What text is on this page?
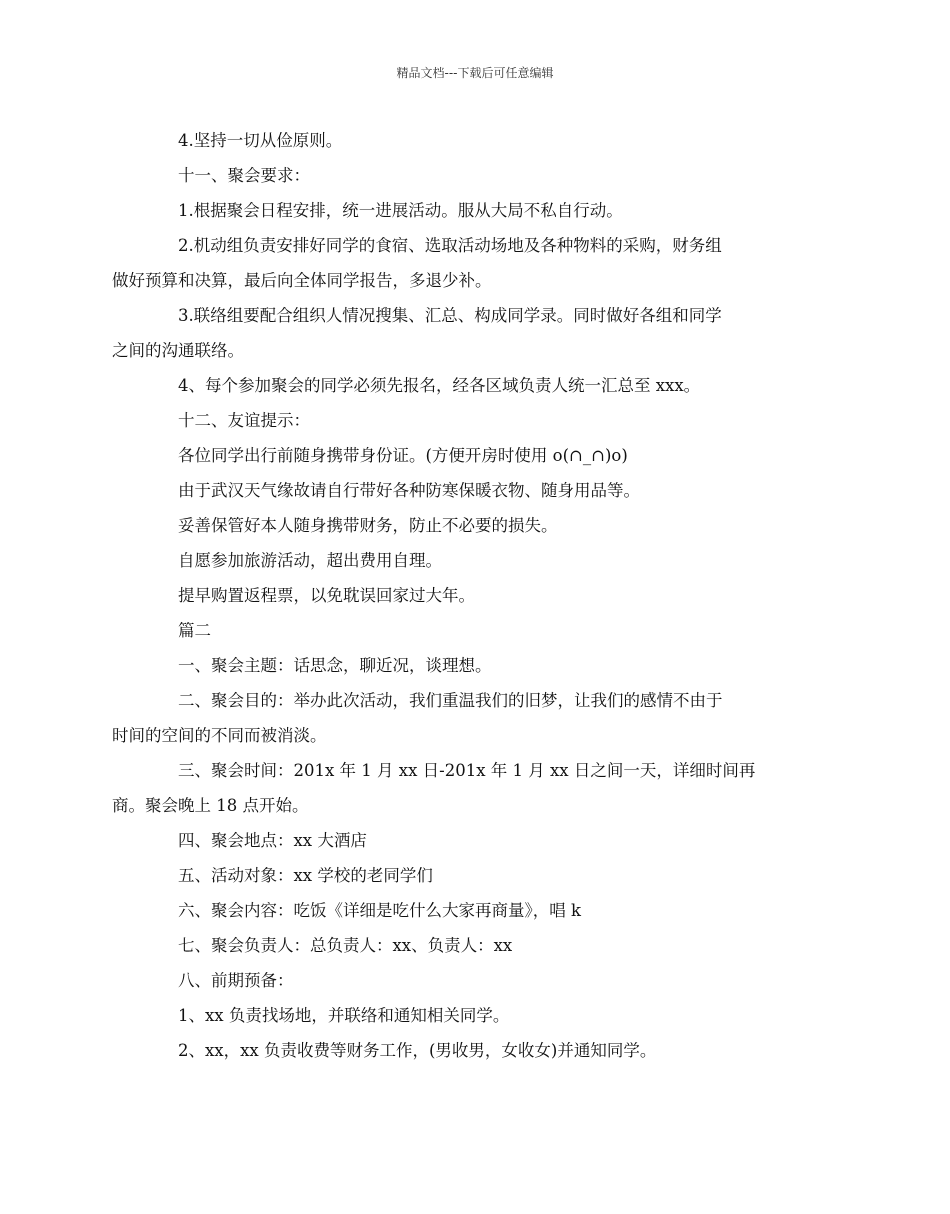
精品文档---下载后可任意编辑

4.坚持一切从俭原则。

十一、聚会要求：

1.根据聚会日程安排，统一进展活动。服从大局不私自行动。

2.机动组负责安排好同学的食宿、选取活动场地及各种物料的采购，财务组
做好预算和决算，最后向全体同学报告，多退少补。

3.联络组要配合组织人情况搜集、汇总、构成同学录。同时做好各组和同学
之间的沟通联络。

4、每个参加聚会的同学必须先报名，经各区域负责人统一汇总至 xxx。

十二、友谊提示：

各位同学出行前随身携带身份证。(方便开房时使用 o(∩_∩)o)

由于武汉天气缘故请自行带好各种防寒保暖衣物、随身用品等。

妥善保管好本人随身携带财务，防止不必要的损失。

自愿参加旅游活动，超出费用自理。

提早购置返程票，以免耽误回家过大年。

篇二

一、聚会主题：话思念，聊近况，谈理想。

二、聚会目的：举办此次活动，我们重温我们的旧梦，让我们的感情不由于
时间的空间的不同而被消淡。

三、聚会时间：201x 年 1 月 xx 日-201x 年 1 月 xx 日之间一天，详细时间再
商。聚会晚上 18 点开始。

四、聚会地点：xx 大酒店

五、活动对象：xx 学校的老同学们

六、聚会内容：吃饭《详细是吃什么大家再商量》，唱 k

七、聚会负责人：总负责人：xx、负责人：xx

八、前期预备：

1、xx 负责找场地，并联络和通知相关同学。

2、xx，xx 负责收费等财务工作，(男收男，女收女)并通知同学。
